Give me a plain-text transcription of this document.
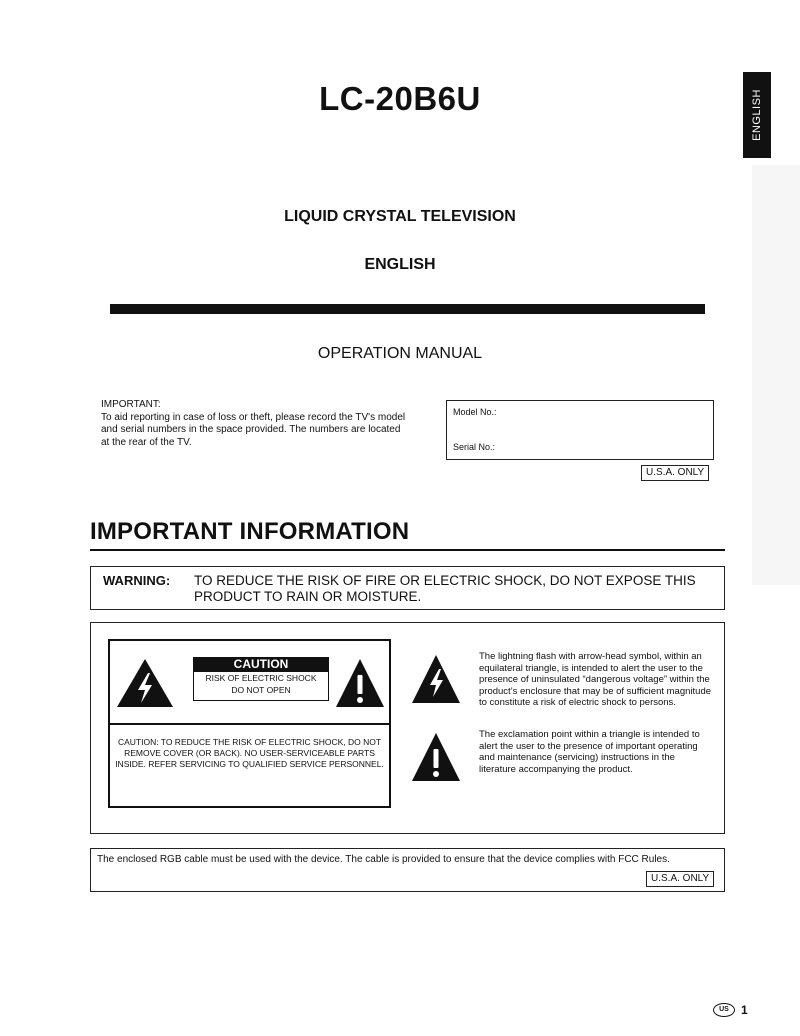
ENGLISH
LC-20B6U
LIQUID CRYSTAL TELEVISION
ENGLISH
OPERATION MANUAL
IMPORTANT:
To aid reporting in case of loss or theft, please record the TV's model and serial numbers in the space provided. The numbers are located at the rear of the TV.
Model No.:
Serial No.:
U.S.A. ONLY
IMPORTANT INFORMATION
WARNING: TO REDUCE THE RISK OF FIRE OR ELECTRIC SHOCK, DO NOT EXPOSE THIS PRODUCT TO RAIN OR MOISTURE.
CAUTION
RISK OF ELECTRIC SHOCK
DO NOT OPEN
CAUTION: TO REDUCE THE RISK OF ELECTRIC SHOCK, DO NOT REMOVE COVER (OR BACK). NO USER-SERVICEABLE PARTS INSIDE. REFER SERVICING TO QUALIFIED SERVICE PERSONNEL.
The lightning flash with arrow-head symbol, within an equilateral triangle, is intended to alert the user to the presence of uninsulated “dangerous voltage” within the product’s enclosure that may be of sufficient magnitude to constitute a risk of electric shock to persons.
The exclamation point within a triangle is intended to alert the user to the presence of important operating and maintenance (servicing) instructions in the literature accompanying the product.
The enclosed RGB cable must be used with the device. The cable is provided to ensure that the device complies with FCC Rules.
U.S.A. ONLY
US	1
